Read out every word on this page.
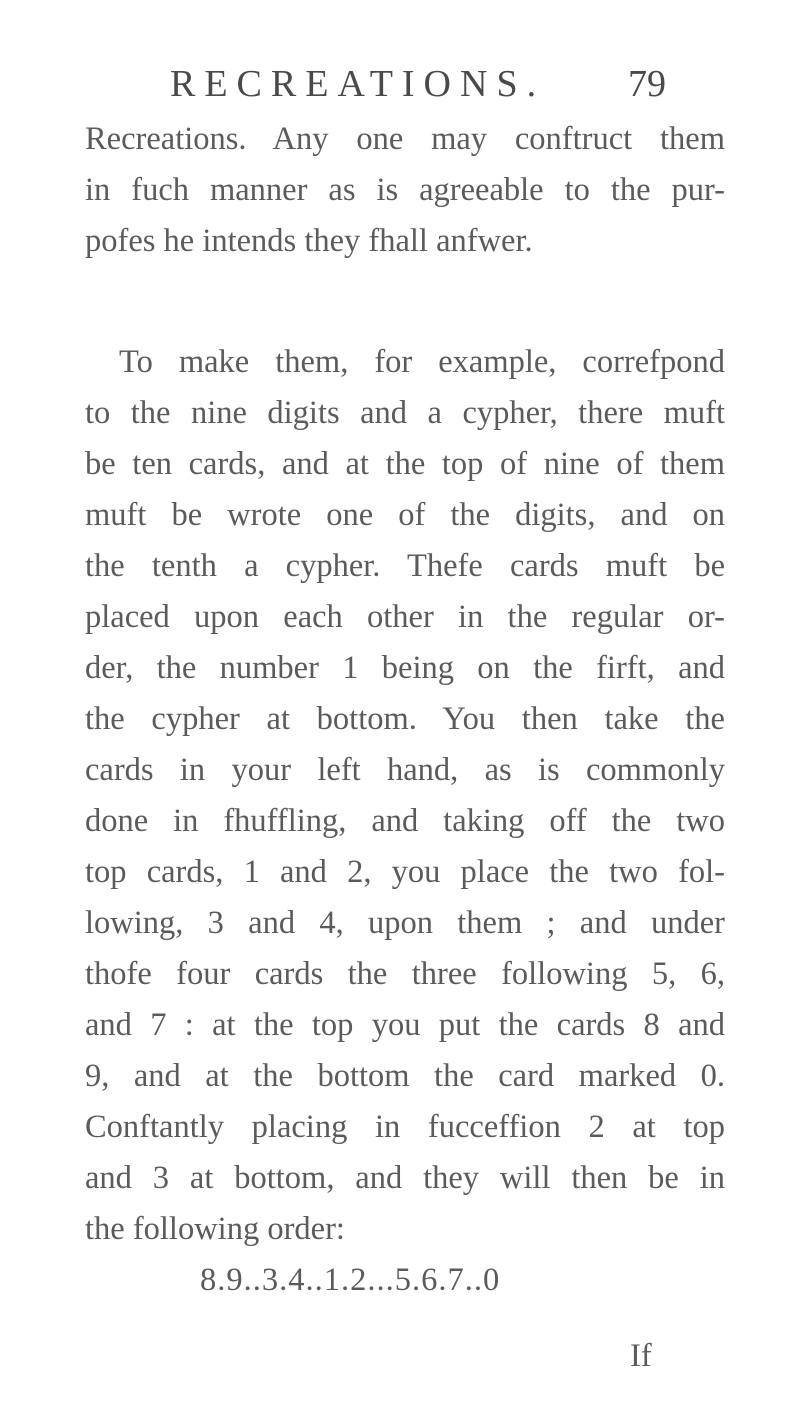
RECREATIONS. 79
Recreations. Any one may conftruct them
in fuch manner as is agreeable to the pur-
pofes he intends they fhall anfwer.
To make them, for example, correfpond
to the nine digits and a cypher, there muft
be ten cards, and at the top of nine of them
muft be wrote one of the digits, and on
the tenth a cypher. Thefe cards muft be
placed upon each other in the regular or-
der, the number 1 being on the firft, and
the cypher at bottom. You then take the
cards in your left hand, as is commonly
done in fhuffling, and taking off the two
top cards, 1 and 2, you place the two fol-
lowing, 3 and 4, upon them ; and under
thofe four cards the three following 5, 6,
and 7 : at the top you put the cards 8 and
9, and at the bottom the card marked 0.
Conftantly placing in fucceffion 2 at top
and 3 at bottom, and they will then be in
the following order:
8.9..3.4..1.2...5.6.7..0
If
